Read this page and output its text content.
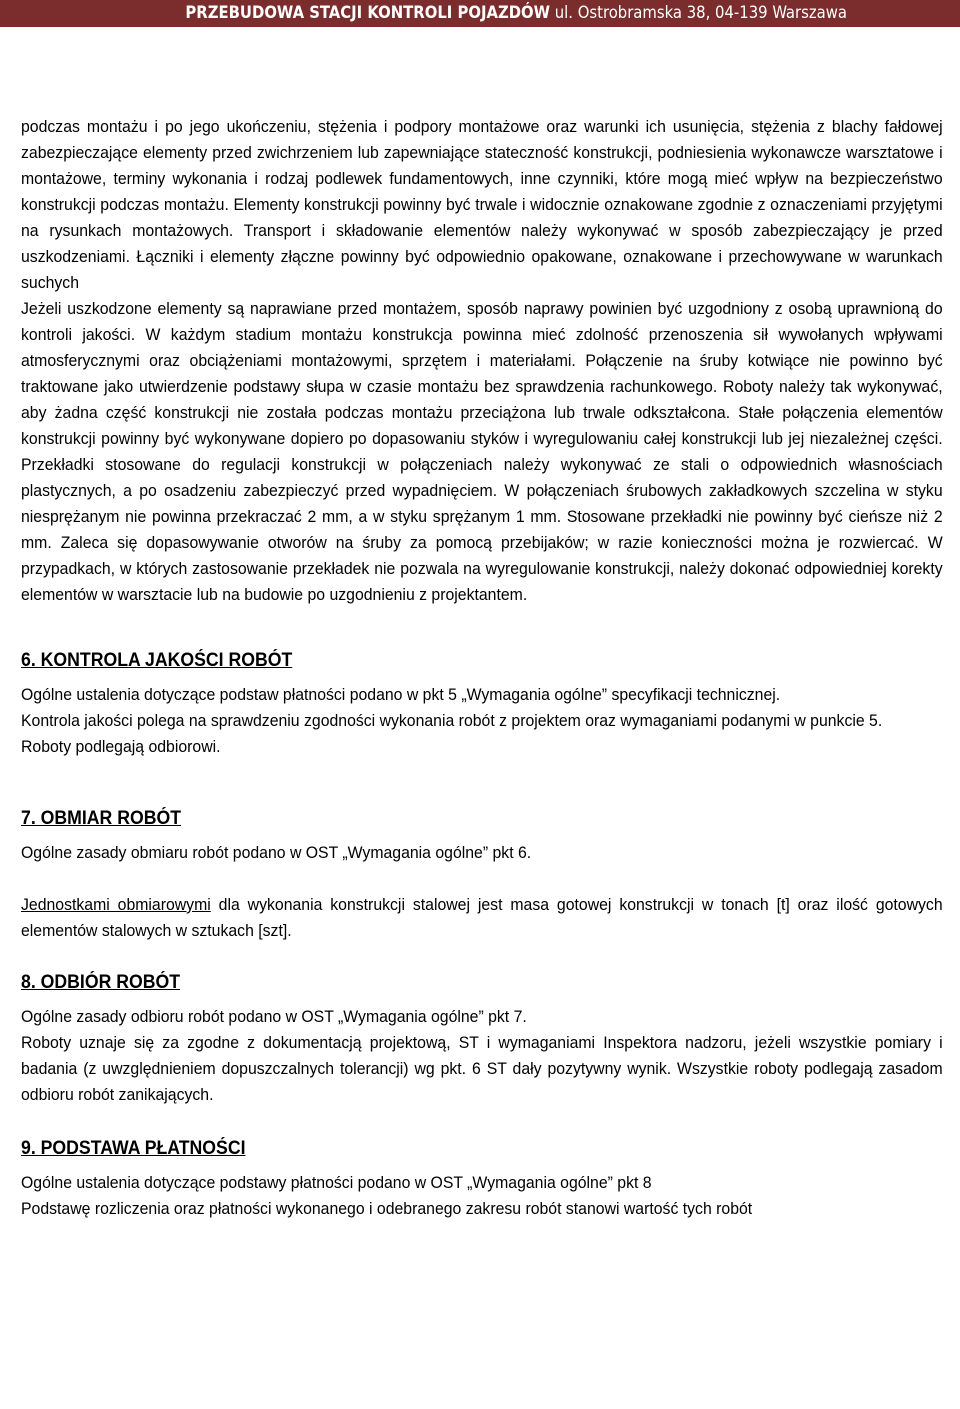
PRZEBUDOWA STACJI KONTROLI POJAZDÓW ul. Ostrobramska 38, 04-139 Warszawa

podczas montażu i po jego ukończeniu, stężenia i podpory montażowe oraz warunki ich usunięcia, stężenia z blachy fałdowej zabezpieczające elementy przed zwichrzeniem lub zapewniające stateczność konstrukcji, podniesienia wykonawcze warsztatowe i montażowe, terminy wykonania i rodzaj podlewek fundamentowych, inne czynniki, które mogą mieć wpływ na bezpieczeństwo konstrukcji podczas montażu. Elementy konstrukcji powinny być trwale i widocznie oznakowane zgodnie z oznaczeniami przyjętymi na rysunkach montażowych. Transport i składowanie elementów należy wykonywać w sposób zabezpieczający je przed uszkodzeniami. Łączniki i elementy złączne powinny być odpowiednio opakowane, oznakowane i przechowywane w warunkach suchych

Jeżeli uszkodzone elementy są naprawiane przed montażem, sposób naprawy powinien być uzgodniony z osobą uprawnioną do kontroli jakości. W każdym stadium montażu konstrukcja powinna mieć zdolność przenoszenia sił wywołanych wpływami atmosferycznymi oraz obciążeniami montażowymi, sprzętem i materiałami. Połączenie na śruby kotwiące nie powinno być traktowane jako utwierdzenie podstawy słupa w czasie montażu bez sprawdzenia rachunkowego. Roboty należy tak wykonywać, aby żadna część konstrukcji nie została podczas montażu przeciążona lub trwale odkształcona. Stałe połączenia elementów konstrukcji powinny być wykonywane dopiero po dopasowaniu styków i wyregulowaniu całej konstrukcji lub jej niezależnej części. Przekładki stosowane do regulacji konstrukcji w połączeniach należy wykonywać ze stali o odpowiednich własnościach plastycznych, a po osadzeniu zabezpieczyć przed wypadnięciem. W połączeniach śrubowych zakładkowych szczelina w styku niesprężanym nie powinna przekraczać 2 mm, a w styku sprężanym 1 mm. Stosowane przekładki nie powinny być cieńsze niż 2 mm. Zaleca się dopasowywanie otworów na śruby za pomocą przebijaków; w razie konieczności można je rozwiercać. W przypadkach, w których zastosowanie przekładek nie pozwala na wyregulowanie konstrukcji, należy dokonać odpowiedniej korekty elementów w warsztacie lub na budowie po uzgodnieniu z projektantem.

6. KONTROLA JAKOŚCI ROBÓT

Ogólne ustalenia dotyczące podstaw płatności podano w pkt 5 „Wymagania ogólne” specyfikacji technicznej.

Kontrola jakości polega na sprawdzeniu zgodności wykonania robót z projektem oraz wymaganiami podanymi w punkcie 5.

Roboty podlegają odbiorowi.

7. OBMIAR ROBÓT

Ogólne zasady obmiaru robót podano w OST „Wymagania ogólne” pkt 6.

Jednostkami obmiarowymi dla wykonania konstrukcji stalowej jest masa gotowej konstrukcji w tonach [t] oraz ilość gotowych elementów stalowych w sztukach [szt].

8. ODBIÓR ROBÓT

Ogólne zasady odbioru robót podano w OST „Wymagania ogólne” pkt 7.

Roboty uznaje się za zgodne z dokumentacją projektową, ST i wymaganiami Inspektora nadzoru, jeżeli wszystkie pomiary i badania (z uwzględnieniem dopuszczalnych tolerancji) wg pkt. 6 ST dały pozytywny wynik. Wszystkie roboty podlegają zasadom odbioru robót zanikających.

9. PODSTAWA PŁATNOŚCI

Ogólne ustalenia dotyczące podstawy płatności podano w OST „Wymagania ogólne” pkt 8

Podstawę rozliczenia oraz płatności wykonanego i odebranego zakresu robót stanowi wartość tych robót
